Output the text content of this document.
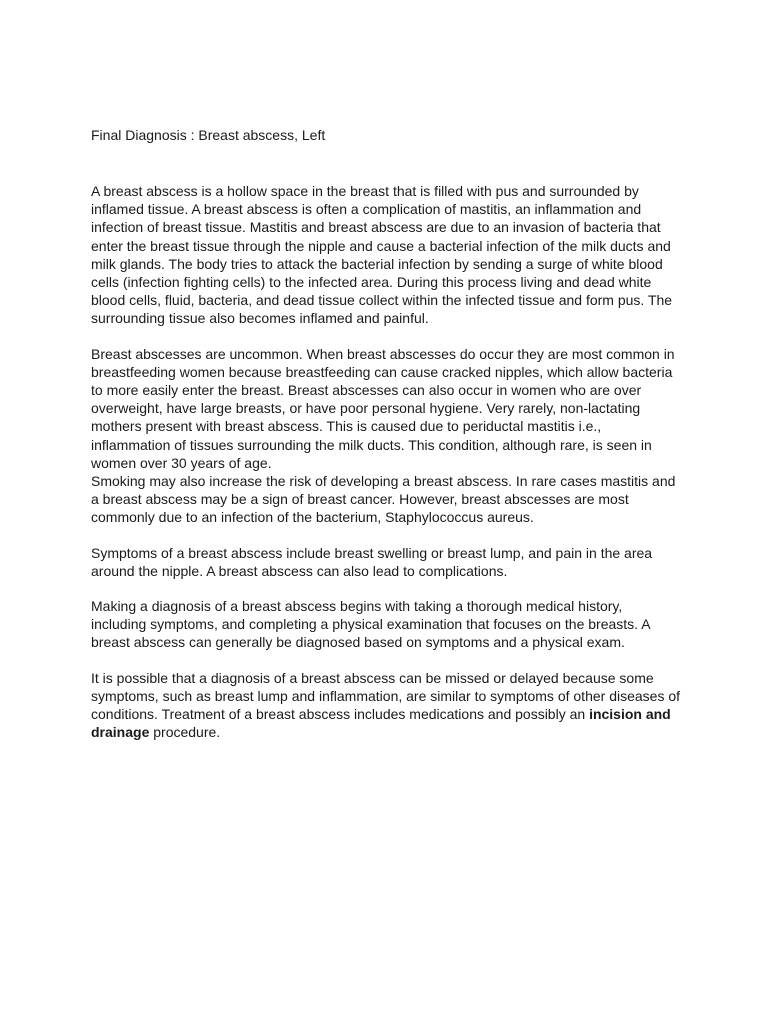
Final Diagnosis : Breast abscess, Left

A breast abscess is a hollow space in the breast that is filled with pus and surrounded by inflamed tissue. A breast abscess is often a complication of mastitis, an inflammation and infection of breast tissue. Mastitis and breast abscess are due to an invasion of bacteria that enter the breast tissue through the nipple and cause a bacterial infection of the milk ducts and milk glands. The body tries to attack the bacterial infection by sending a surge of white blood cells (infection fighting cells) to the infected area. During this process living and dead white blood cells, fluid, bacteria, and dead tissue collect within the infected tissue and form pus. The surrounding tissue also becomes inflamed and painful.

Breast abscesses are uncommon. When breast abscesses do occur they are most common in breastfeeding women because breastfeeding can cause cracked nipples, which allow bacteria to more easily enter the breast. Breast abscesses can also occur in women who are over overweight, have large breasts, or have poor personal hygiene. Very rarely, non-lactating mothers present with breast abscess. This is caused due to periductal mastitis i.e., inflammation of tissues surrounding the milk ducts. This condition, although rare, is seen in women over 30 years of age.

Smoking may also increase the risk of developing a breast abscess. In rare cases mastitis and a breast abscess may be a sign of breast cancer. However, breast abscesses are most commonly due to an infection of the bacterium, Staphylococcus aureus.

Symptoms of a breast abscess include breast swelling or breast lump, and pain in the area around the nipple. A breast abscess can also lead to complications.

Making a diagnosis of a breast abscess begins with taking a thorough medical history, including symptoms, and completing a physical examination that focuses on the breasts. A breast abscess can generally be diagnosed based on symptoms and a physical exam.

It is possible that a diagnosis of a breast abscess can be missed or delayed because some symptoms, such as breast lump and inflammation, are similar to symptoms of other diseases of conditions. Treatment of a breast abscess includes medications and possibly an incision and drainage procedure.
